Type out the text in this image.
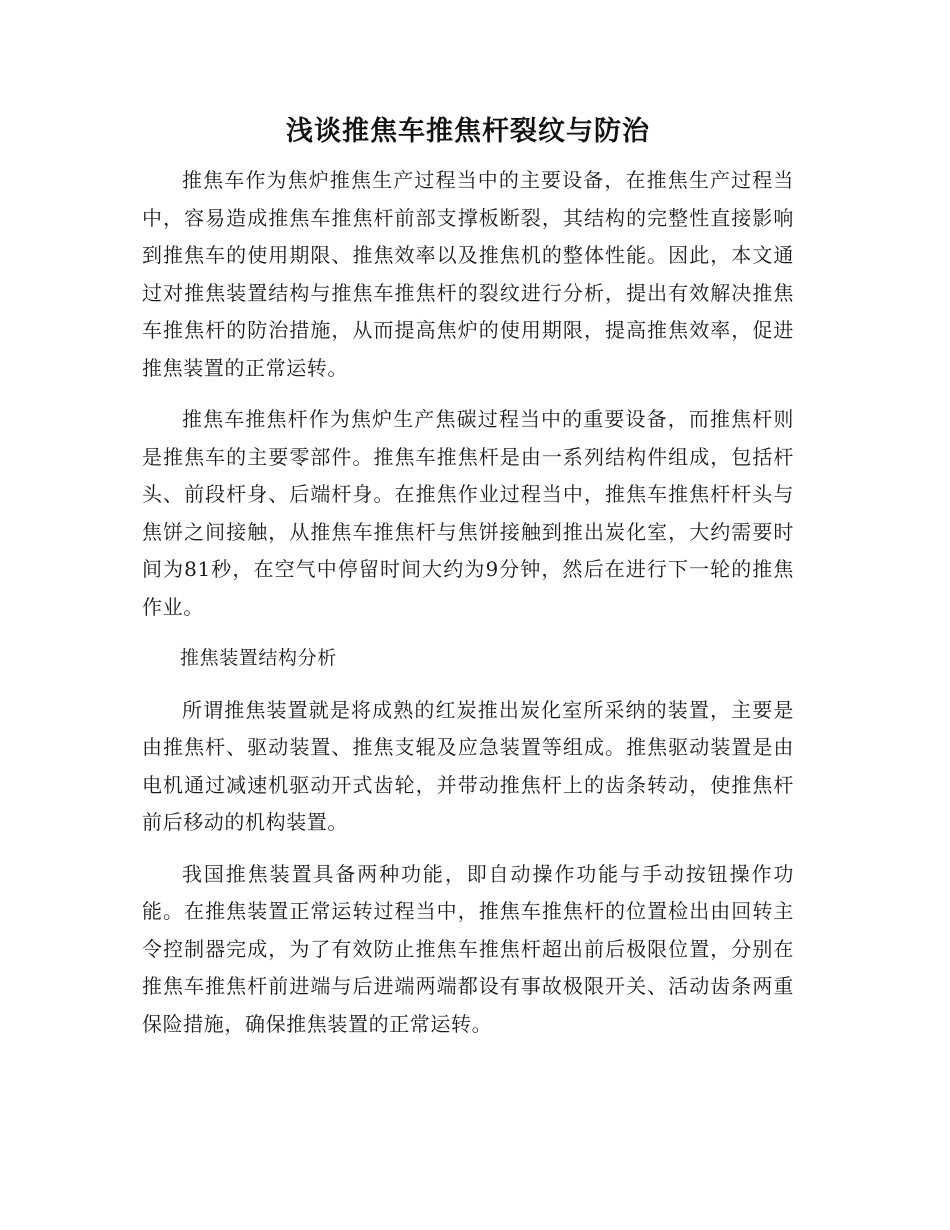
浅谈推焦车推焦杆裂纹与防治

推焦车作为焦炉推焦生产过程当中的主要设备，在推焦生产过程当中，容易造成推焦车推焦杆前部支撑板断裂，其结构的完整性直接影响到推焦车的使用期限、推焦效率以及推焦机的整体性能。因此，本文通过对推焦装置结构与推焦车推焦杆的裂纹进行分析，提出有效解决推焦车推焦杆的防治措施，从而提高焦炉的使用期限，提高推焦效率，促进推焦装置的正常运转。

推焦车推焦杆作为焦炉生产焦碳过程当中的重要设备，而推焦杆则是推焦车的主要零部件。推焦车推焦杆是由一系列结构件组成，包括杆头、前段杆身、后端杆身。在推焦作业过程当中，推焦车推焦杆杆头与焦饼之间接触，从推焦车推焦杆与焦饼接触到推出炭化室，大约需要时间为81秒，在空气中停留时间大约为9分钟，然后在进行下一轮的推焦作业。

推焦装置结构分析

所谓推焦装置就是将成熟的红炭推出炭化室所采纳的装置，主要是由推焦杆、驱动装置、推焦支辊及应急装置等组成。推焦驱动装置是由电机通过减速机驱动开式齿轮，并带动推焦杆上的齿条转动，使推焦杆前后移动的机构装置。

我国推焦装置具备两种功能，即自动操作功能与手动按钮操作功能。在推焦装置正常运转过程当中，推焦车推焦杆的位置检出由回转主令控制器完成，为了有效防止推焦车推焦杆超出前后极限位置，分别在推焦车推焦杆前进端与后进端两端都设有事故极限开关、活动齿条两重保险措施，确保推焦装置的正常运转。
